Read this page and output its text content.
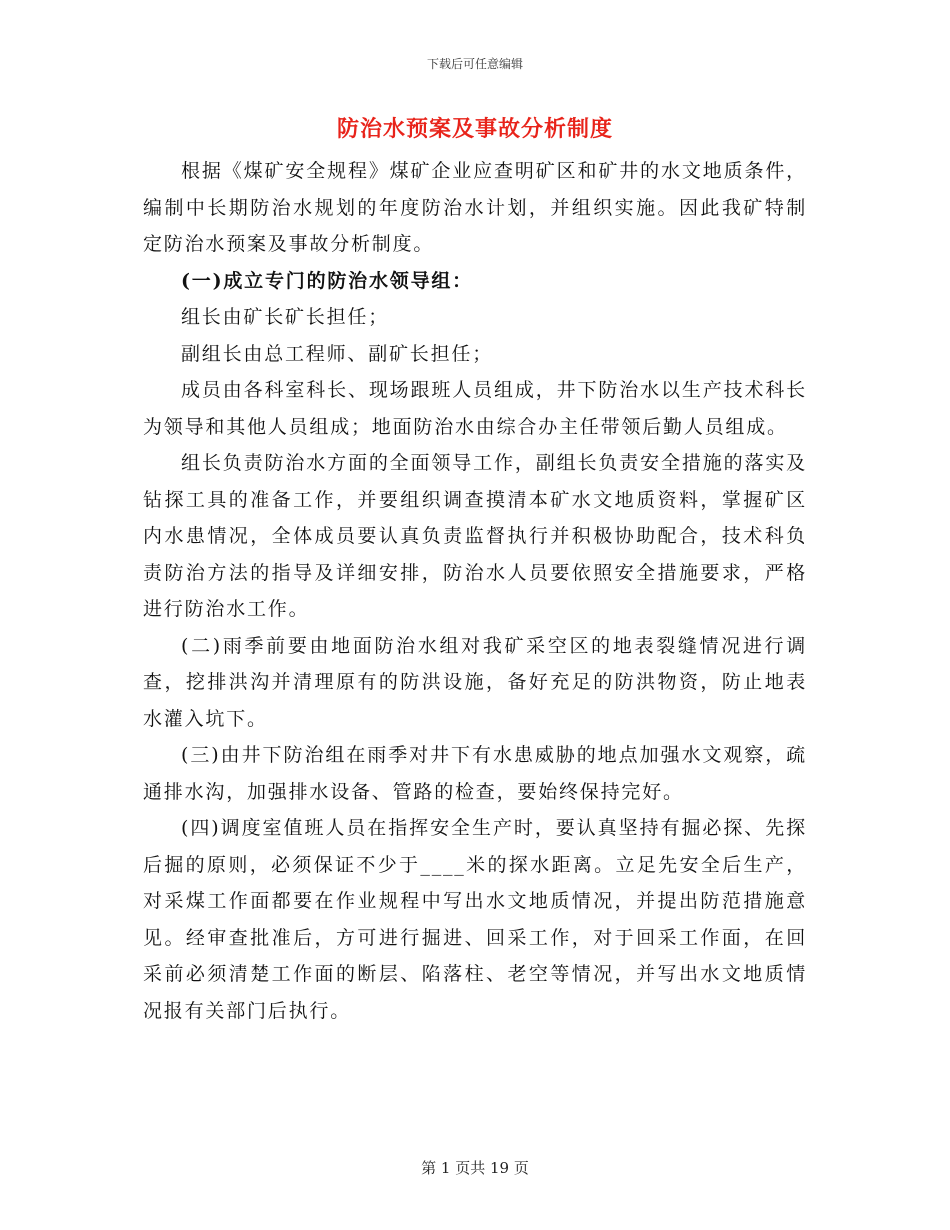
下载后可任意编辑
防治水预案及事故分析制度

根据《煤矿安全规程》煤矿企业应查明矿区和矿井的水文地质条件，编制中长期防治水规划的年度防治水计划，并组织实施。因此我矿特制定防治水预案及事故分析制度。

(一)成立专门的防治水领导组：

组长由矿长矿长担任；

副组长由总工程师、副矿长担任；

成员由各科室科长、现场跟班人员组成，井下防治水以生产技术科长为领导和其他人员组成；地面防治水由综合办主任带领后勤人员组成。

组长负责防治水方面的全面领导工作，副组长负责安全措施的落实及钻探工具的准备工作，并要组织调查摸清本矿水文地质资料，掌握矿区内水患情况，全体成员要认真负责监督执行并积极协助配合，技术科负责防治方法的指导及详细安排，防治水人员要依照安全措施要求，严格进行防治水工作。

(二)雨季前要由地面防治水组对我矿采空区的地表裂缝情况进行调查，挖排洪沟并清理原有的防洪设施，备好充足的防洪物资，防止地表水灌入坑下。

(三)由井下防治组在雨季对井下有水患威胁的地点加强水文观察，疏通排水沟，加强排水设备、管路的检查，要始终保持完好。

(四)调度室值班人员在指挥安全生产时，要认真坚持有掘必探、先探后掘的原则，必须保证不少于____米的探水距离。立足先安全后生产，对采煤工作面都要在作业规程中写出水文地质情况，并提出防范措施意见。经审查批准后，方可进行掘进、回采工作，对于回采工作面，在回采前必须清楚工作面的断层、陷落柱、老空等情况，并写出水文地质情况报有关部门后执行。

第 1 页共 19 页
